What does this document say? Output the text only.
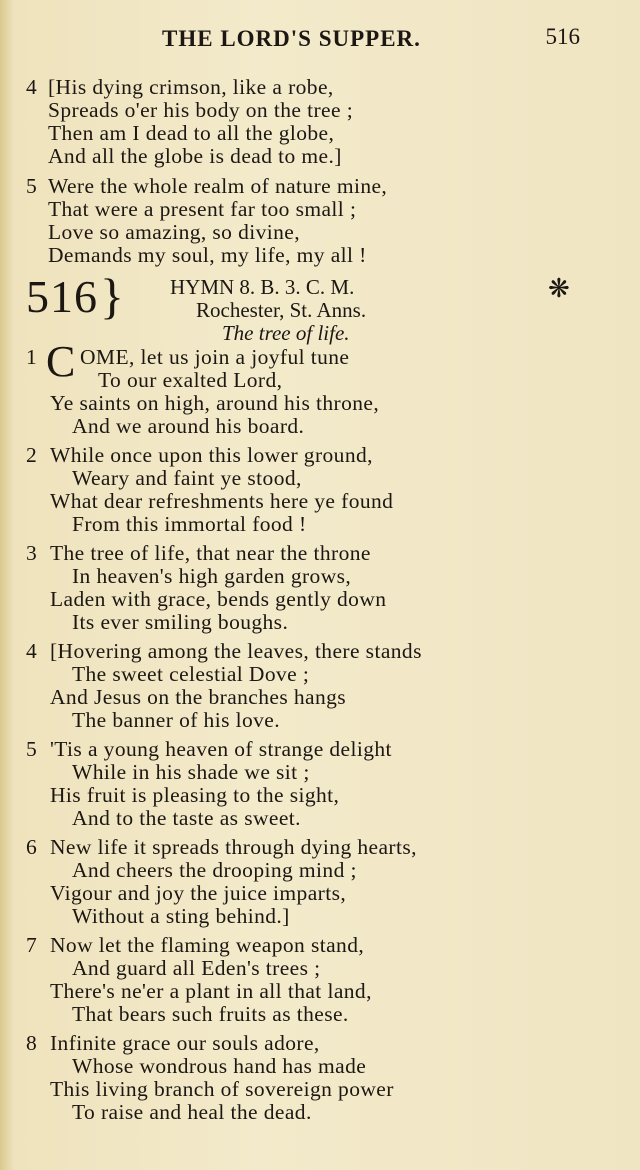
THE LORD'S SUPPER.	516
4 [His dying crimson, like a robe,
Spreads o'er his body on the tree ;
Then am I dead to all the globe,
And all the globe is dead to me.]
5 Were the whole realm of nature mine,
That were a present far too small ;
Love so amazing, so divine,
Demands my soul, my life, my all !
516 } HYMN 8. B. 3. C. M.
Rochester, St. Anns.
The tree of life.
❋
1 C OME, let us join a joyful tune
To our exalted Lord,
Ye saints on high, around his throne,
And we around his board.
2 While once upon this lower ground,
Weary and faint ye stood,
What dear refreshments here ye found
From this immortal food !
3 The tree of life, that near the throne
In heaven's high garden grows,
Laden with grace, bends gently down
Its ever smiling boughs.
4 [Hovering among the leaves, there stands
The sweet celestial Dove ;
And Jesus on the branches hangs
The banner of his love.
5 'Tis a young heaven of strange delight
While in his shade we sit ;
His fruit is pleasing to the sight,
And to the taste as sweet.
6 New life it spreads through dying hearts,
And cheers the drooping mind ;
Vigour and joy the juice imparts,
Without a sting behind.]
7 Now let the flaming weapon stand,
And guard all Eden's trees ;
There's ne'er a plant in all that land,
That bears such fruits as these.
8 Infinite grace our souls adore,
Whose wondrous hand has made
This living branch of sovereign power
To raise and heal the dead.
